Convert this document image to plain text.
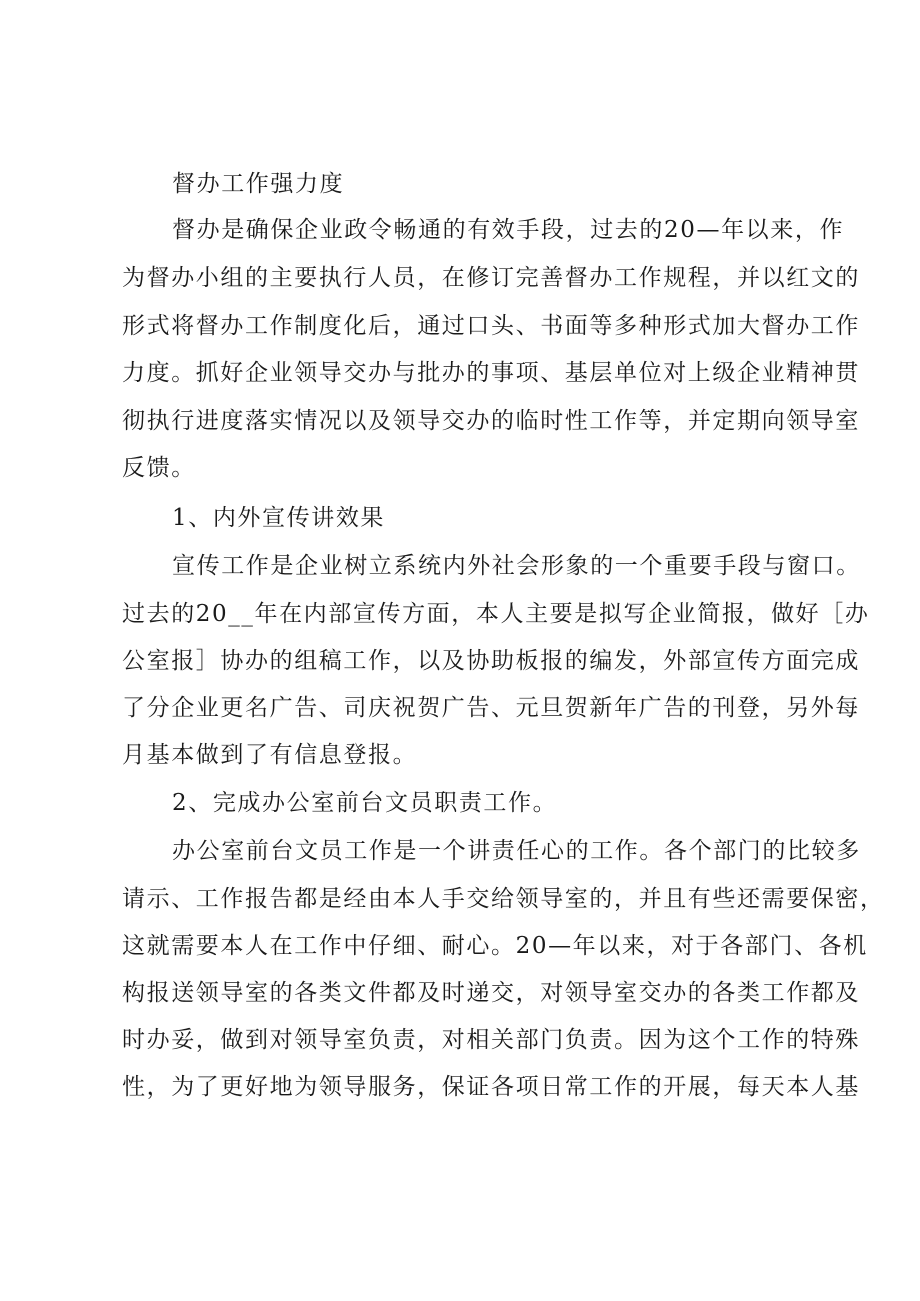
督办工作强力度
督办是确保企业政令畅通的有效手段，过去的20—年以来，作
为督办小组的主要执行人员，在修订完善督办工作规程，并以红文的
形式将督办工作制度化后，通过口头、书面等多种形式加大督办工作
力度。抓好企业领导交办与批办的事项、基层单位对上级企业精神贯
彻执行进度落实情况以及领导交办的临时性工作等，并定期向领导室
反馈。
1、内外宣传讲效果
宣传工作是企业树立系统内外社会形象的一个重要手段与窗口。
过去的20__年在内部宣传方面，本人主要是拟写企业简报，做好［办
公室报］协办的组稿工作，以及协助板报的编发，外部宣传方面完成
了分企业更名广告、司庆祝贺广告、元旦贺新年广告的刊登，另外每
月基本做到了有信息登报。
2、完成办公室前台文员职责工作。
办公室前台文员工作是一个讲责任心的工作。各个部门的比较多
请示、工作报告都是经由本人手交给领导室的，并且有些还需要保密，
这就需要本人在工作中仔细、耐心。20—年以来，对于各部门、各机
构报送领导室的各类文件都及时递交，对领导室交办的各类工作都及
时办妥，做到对领导室负责，对相关部门负责。因为这个工作的特殊
性，为了更好地为领导服务，保证各项日常工作的开展，每天本人基
